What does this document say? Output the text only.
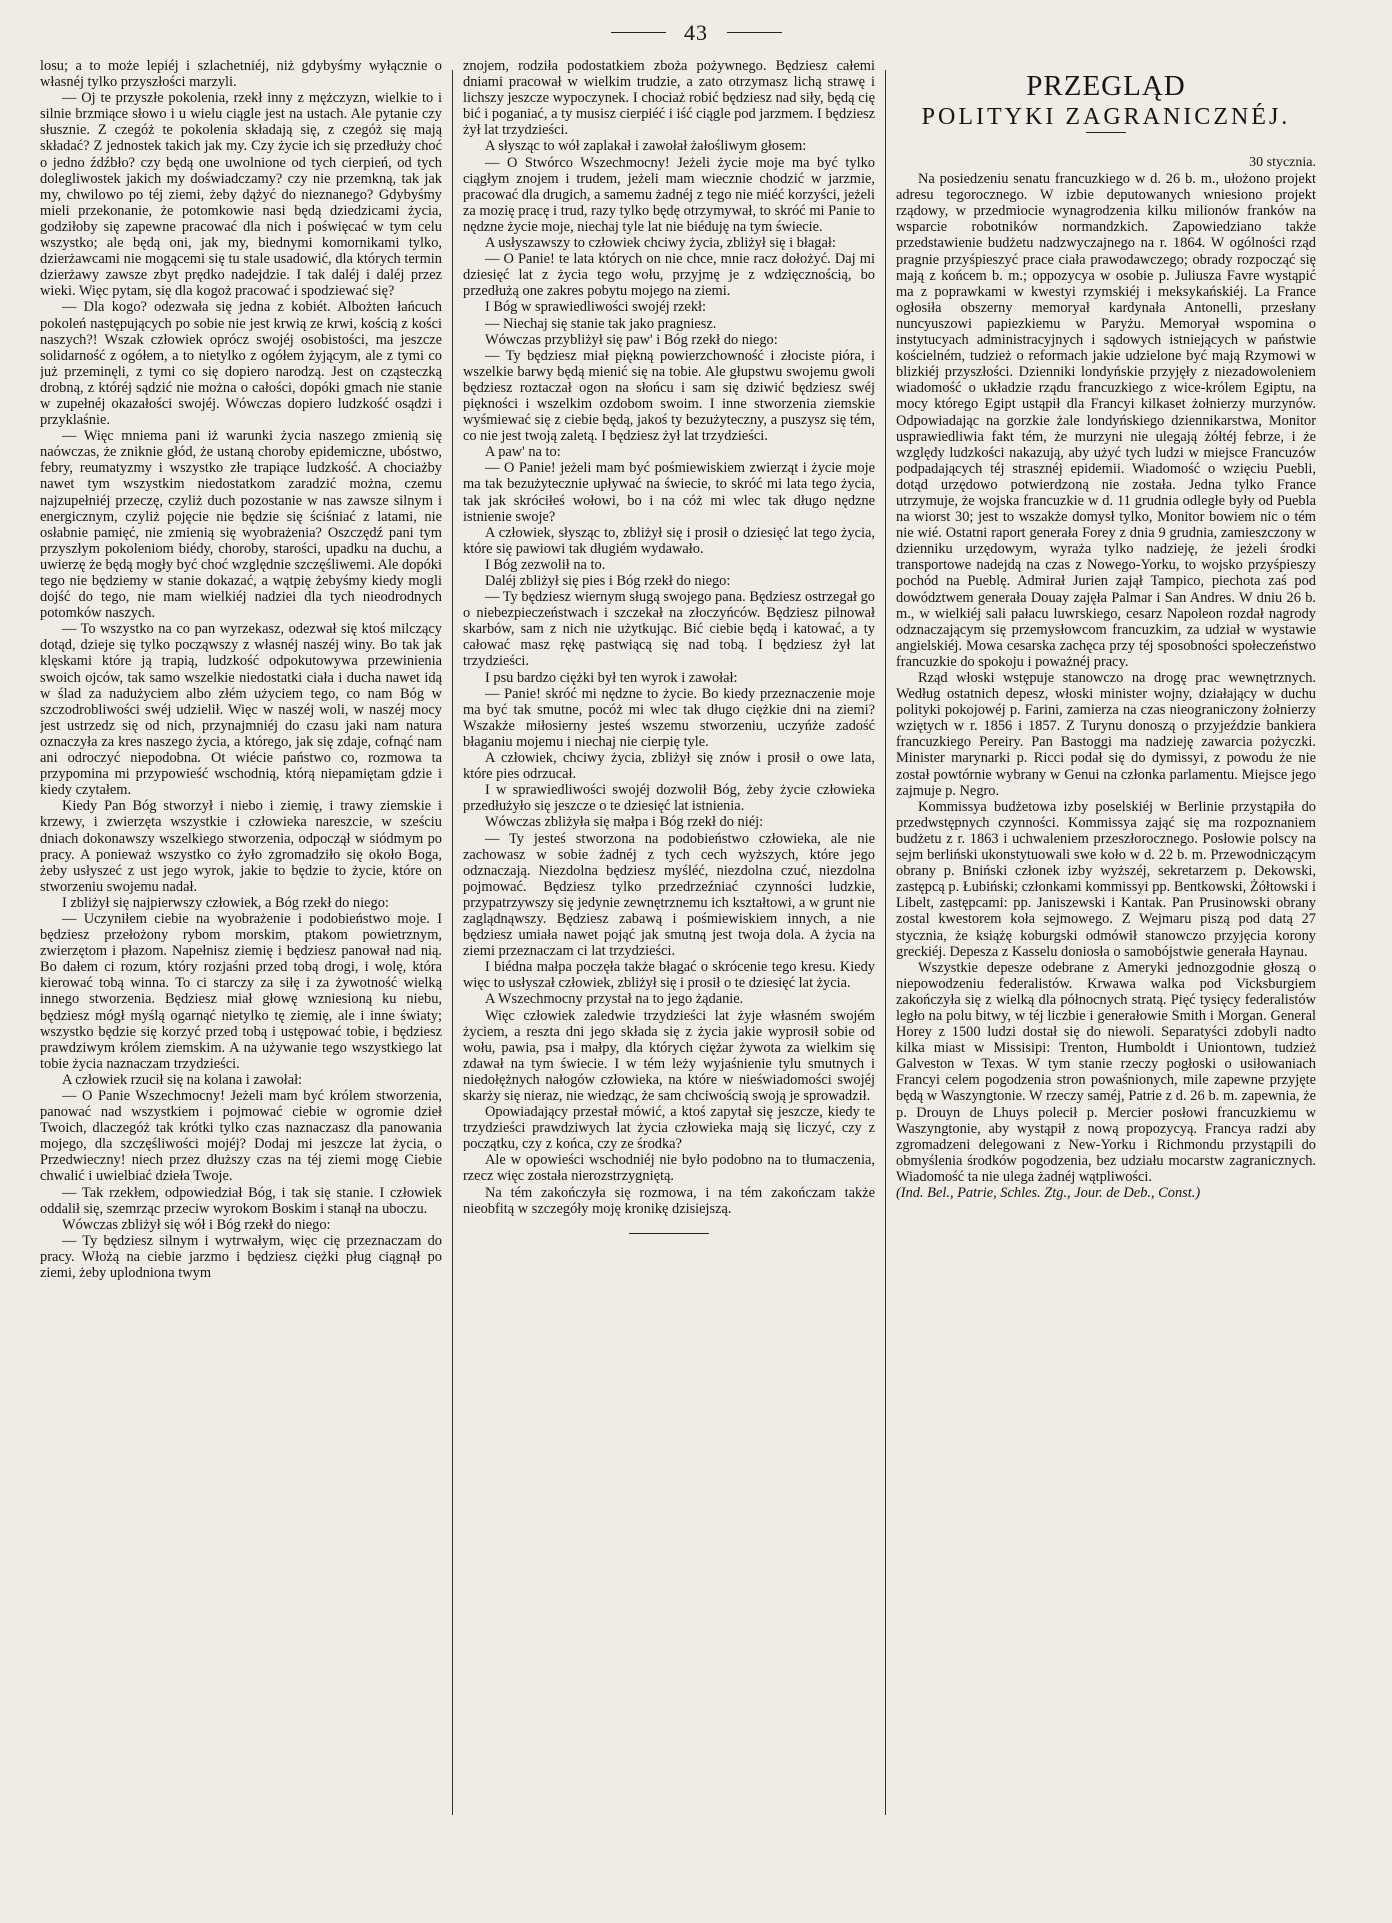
43

losu; a to może lepiéj i szlachetniéj, niż gdybyśmy wyłącznie o własnéj tylko przyszłości marzyli.

— Oj te przyszłe pokolenia, rzekł inny z mężczyzn, wielkie to i silnie brzmiące słowo i u wielu ciągle jest na ustach. Ale pytanie czy słusznie. Z czegóż te pokolenia składają się, z czegóż się mają składać? Z jednostek takich jak my. Czy życie ich się przedłuży choć o jedno źdźbło? czy będą one uwolnione od tych cierpień, od tych dolegliwostek jakich my doświadczamy? czy nie przemkną, tak jak my, chwilowo po téj ziemi, żeby dążyć do nieznanego? Gdybyśmy mieli przekonanie, że potomkowie nasi będą dziedzicami życia, godziłoby się zapewne pracować dla nich i poświęcać w tym celu wszystko; ale będą oni, jak my, biednymi komornikami tylko, dzierżawcami nie mogącemi się tu stale usadowić, dla których termin dzierżawy zawsze zbyt prędko nadejdzie. I tak daléj i daléj przez wieki. Więc pytam, się dla kogoż pracować i spodziewać się?

— Dla kogo? odezwała się jedna z kobiét. Albożten łańcuch pokoleń następujących po sobie nie jest krwią ze krwi, kością z kości naszych?! Wszak człowiek oprócz swojéj osobistości, ma jeszcze solidarność z ogółem, a to nietylko z ogółem żyjącym, ale z tymi co już przeminęli, z tymi co się dopiero narodzą. Jest on cząsteczką drobną, z któréj sądzić nie można o całości, dopóki gmach nie stanie w zupełnéj okazałości swojéj. Wówczas dopiero ludzkość osądzi i przyklaśnie.

— Więc mniema pani iż warunki życia naszego zmienią się naówczas, że zniknie głód, że ustaną choroby epidemiczne, ubóstwo, febry, reumatyzmy i wszystko złe trapiące ludzkość. A chociażby nawet tym wszystkim niedostatkom zaradzić można, czemu najzupełniéj przeczę, czyliż duch pozostanie w nas zawsze silnym i energicznym, czyliż pojęcie nie będzie się ściśniać z latami, nie osłabnie pamięć, nie zmienią się wyobrażenia? Oszczędź pani tym przyszłym pokoleniom biédy, choroby, starości, upadku na duchu, a uwierzę że będą mogły być choć względnie szczęśliwemi. Ale dopóki tego nie będziemy w stanie dokazać, a wątpię żebyśmy kiedy mogli dojść do tego, nie mam wielkiéj nadziei dla tych nieodrodnych potomków naszych.

— To wszystko na co pan wyrzekasz, odezwał się ktoś milczący dotąd, dzieje się tylko począwszy z własnéj naszéj winy. Bo tak jak klęskami które ją trapią, ludzkość odpokutowywa przewinienia swoich ojców, tak samo wszelkie niedostatki ciała i ducha nawet idą w ślad za nadużyciem albo złém użyciem tego, co nam Bóg w szczodrobliwości swéj udzielił. Więc w naszéj woli, w naszéj mocy jest ustrzedz się od nich, przynajmniéj do czasu jaki nam natura oznaczyła za kres naszego życia, a którego, jak się zdaje, cofnąć nam ani odroczyć niepodobna. Ot wiécie państwo co, rozmowa ta przypomina mi przypowieść wschodnią, którą niepamiętam gdzie i kiedy czytałem.

Kiedy Pan Bóg stworzył i niebo i ziemię, i trawy ziemskie i krzewy, i zwierzęta wszystkie i człowieka nareszcie, w sześciu dniach dokonawszy wszelkiego stworzenia, odpoczął w siódmym po pracy. A ponieważ wszystko co żyło zgromadziło się około Boga, żeby usłyszeć z ust jego wyrok, jakie to będzie to życie, które on stworzeniu swojemu nadał.

I zbliżył się najpierwszy człowiek, a Bóg rzekł do niego:

— Uczyniłem ciebie na wyobrażenie i podobieństwo moje. I będziesz przełożony rybom morskim, ptakom powietrznym, zwierzętom i płazom. Napełnisz ziemię i będziesz panował nad nią. Bo dałem ci rozum, który rozjaśni przed tobą drogi, i wolę, która kierować tobą winna. To ci starczy za siłę i za żywotność wielką innego stworzenia. Będziesz miał głowę wzniesioną ku niebu, będziesz mógł myślą ogarnąć nietylko tę ziemię, ale i inne światy; wszystko będzie się korzyć przed tobą i ustępować tobie, i będziesz prawdziwym królem ziemskim. A na używanie tego wszystkiego lat tobie życia naznaczam trzydzieści.

A człowiek rzucił się na kolana i zawołał:

— O Panie Wszechmocny! Jeżeli mam być królem stworzenia, panować nad wszystkiem i pojmować ciebie w ogromie dzieł Twoich, dlaczegóż tak krótki tylko czas naznaczasz dla panowania mojego, dla szczęśliwości mojéj? Dodaj mi jeszcze lat życia, o Przedwieczny! niech przez dłuższy czas na téj ziemi mogę Ciebie chwalić i uwielbiać dzieła Twoje.

— Tak rzekłem, odpowiedział Bóg, i tak się stanie. I człowiek oddalił się, szemrząc przeciw wyrokom Boskim i stanął na uboczu.

Wówczas zbliżył się wół i Bóg rzekł do niego:

— Ty będziesz silnym i wytrwałym, więc cię przeznaczam do pracy. Włożą na ciebie jarzmo i będziesz ciężki pług ciągnął po ziemi, żeby uplodniona twym

znojem, rodziła podostatkiem zboża pożywnego. Będziesz całemi dniami pracował w wielkim trudzie, a zato otrzymasz lichą strawę i lichszy jeszcze wypoczynek. I chociaż robić będziesz nad siły, będą cię bić i poganiać, a ty musisz cierpiéć i iść ciągle pod jarzmem. I będziesz żył lat trzydzieści.

A słysząc to wół zaplakał i zawołał żałośliwym głosem:

— O Stwórco Wszechmocny! Jeżeli życie moje ma być tylko ciągłym znojem i trudem, jeżeli mam wiecznie chodzić w jarzmie, pracować dla drugich, a samemu żadnéj z tego nie miéć korzyści, jeżeli za mozię pracę i trud, razy tylko będę otrzymywał, to skróć mi Panie to nędzne życie moje, niechaj tyle lat nie biéduję na tym świecie.

A usłyszawszy to człowiek chciwy życia, zbliżył się i błagał:

— O Panie! te lata których on nie chce, mnie racz dołożyć. Daj mi dziesięć lat z życia tego wołu, przyjmę je z wdzięcznością, bo przedłużą one zakres pobytu mojego na ziemi.

I Bóg w sprawiedliwości swojéj rzekł:

— Niechaj się stanie tak jako pragniesz.

Wówczas przybliżył się paw' i Bóg rzekł do niego:

— Ty będziesz miał piękną powierzchowność i złociste pióra, i wszelkie barwy będą mienić się na tobie. Ale głupstwu swojemu gwoli będziesz roztaczał ogon na słońcu i sam się dziwić będziesz swéj piękności i wszelkim ozdobom swoim. I inne stworzenia ziemskie wyśmiewać się z ciebie będą, jakoś ty bezużyteczny, a puszysz się tém, co nie jest twoją zaletą. I będziesz żył lat trzydzieści.

A paw' na to:

— O Panie! jeżeli mam być pośmiewiskiem zwierząt i życie moje ma tak bezużytecznie upływać na świecie, to skróć mi lata tego życia, tak jak skróciłeś wołowi, bo i na cóż mi wlec tak długo nędzne istnienie swoje?

A człowiek, słysząc to, zbliżył się i prosił o dziesięć lat tego życia, które się pawiowi tak długiém wydawało.

I Bóg zezwolił na to.

Daléj zbliżył się pies i Bóg rzekł do niego:

— Ty będziesz wiernym sługą swojego pana. Będziesz ostrzegał go o niebezpieczeństwach i szczekał na złoczyńców. Będziesz pilnował skarbów, sam z nich nie użytkując. Bić ciebie będą i katować, a ty całować masz rękę pastwiącą się nad tobą. I będziesz żył lat trzydzieści.

I psu bardzo ciężki był ten wyrok i zawołał:

— Panie! skróć mi nędzne to życie. Bo kiedy przeznaczenie moje ma być tak smutne, pocóż mi wlec tak długo ciężkie dni na ziemi? Wszakże miłosierny jesteś wszemu stworzeniu, uczyńże zadość błaganiu mojemu i niechaj nie cierpię tyle.

A człowiek, chciwy życia, zbliżył się znów i prosił o owe lata, które pies odrzucał.

I w sprawiedliwości swojéj dozwolił Bóg, żeby życie człowieka przedłużyło się jeszcze o te dziesięć lat istnienia.

Wówczas zbliżyła się małpa i Bóg rzekł do niéj:

— Ty jesteś stworzona na podobieństwo człowieka, ale nie zachowasz w sobie żadnéj z tych cech wyższych, które jego odznaczają. Niezdolna będziesz myśléć, niezdolna czuć, niezdolna pojmować. Będziesz tylko przedrzeźniać czynności ludzkie, przypatrzywszy się jedynie zewnętrznemu ich kształtowi, a w grunt nie zaglądnąwszy. Będziesz zabawą i pośmiewiskiem innych, a nie będziesz umiała nawet pojąć jak smutną jest twoja dola. A życia na ziemi przeznaczam ci lat trzydzieści.

I biédna małpa poczęła także błagać o skrócenie tego kresu. Kiedy więc to usłyszał człowiek, zbliżył się i prosił o te dziesięć lat życia.

A Wszechmocny przystał na to jego żądanie.

Więc człowiek zaledwie trzydzieści lat żyje własném swojém życiem, a reszta dni jego składa się z życia jakie wyprosił sobie od wołu, pawia, psa i małpy, dla których ciężar żywota za wielkim się zdawał na tym świecie. I w tém leży wyjaśnienie tylu smutnych i niedołężnych nałogów człowieka, na które w nieświadomości swojéj skarży się nieraz, nie wiedząc, że sam chciwością swoją je sprowadził.

Opowiadający przestał mówić, a ktoś zapytał się jeszcze, kiedy te trzydzieści prawdziwych lat życia człowieka mają się liczyć, czy z początku, czy z końca, czy ze środka?

Ale w opowieści wschodniéj nie było podobno na to tłumaczenia, rzecz więc została nierozstrzygniętą.

Na tém zakończyła się rozmowa, i na tém zakończam także nieobfitą w szczegóły moję kronikę dzisiejszą.

PRZEGLĄD

POLITYKI ZAGRANICZNÉJ.

30 stycznia.

Na posiedzeniu senatu francuzkiego w d. 26 b. m., ułożono projekt adresu tegorocznego. W izbie deputowanych wniesiono projekt rządowy, w przedmiocie wynagrodzenia kilku milionów franków na wsparcie robotników normandzkich. Zapowiedziano także przedstawienie budżetu nadzwyczajnego na r. 1864. W ogólności rząd pragnie przyśpieszyć prace ciała prawodawczego; obrady rozpocząć się mają z końcem b. m.; oppozycya w osobie p. Juliusza Favre wystąpić ma z poprawkami w kwestyi rzymskiéj i meksykańskiéj. La France ogłosiła obszerny memoryał kardynała Antonelli, przesłany nuncyuszowi papiezkiemu w Paryżu. Memoryał wspomina o instytucyach administracyjnych i sądowych istniejących w państwie kościelném, tudzież o reformach jakie udzielone być mają Rzymowi w blizkiéj przyszłości. Dzienniki londyńskie przyjęły z niezadowoleniem wiadomość o układzie rządu francuzkiego z wice-królem Egiptu, na mocy którego Egipt ustąpił dla Francyi kilkaset żołnierzy murzynów. Odpowiadając na gorzkie żale londyńskiego dziennikarstwa, Monitor usprawiedliwia fakt tém, że murzyni nie ulegają żółtéj febrze, i że względy ludzkości nakazują, aby użyć tych ludzi w miejsce Francuzów podpadających téj strasznéj epidemii. Wiadomość o wzięciu Puebli, dotąd urzędowo potwierdzoną nie została. Jedna tylko France utrzymuje, że wojska francuzkie w d. 11 grudnia odległe były od Puebla na wiorst 30; jest to wszakże domysł tylko, Monitor bowiem nic o tém nie wié. Ostatni raport generała Forey z dnia 9 grudnia, zamieszczony w dzienniku urzędowym, wyraża tylko nadzieję, że jeżeli środki transportowe nadejdą na czas z Nowego-Yorku, to wojsko przyśpieszy pochód na Pueblę. Admirał Jurien zajął Tampico, piechota zaś pod dowództwem generała Douay zajęła Palmar i San Andres. W dniu 26 b. m., w wielkiéj sali pałacu luwrskiego, cesarz Napoleon rozdał nagrody odznaczającym się przemysłowcom francuzkim, za udział w wystawie angielskiéj. Mowa cesarska zachęca przy téj sposobności społeczeństwo francuzkie do spokoju i poważnéj pracy.

Rząd włoski wstępuje stanowczo na drogę prac wewnętrznych. Według ostatnich depesz, włoski minister wojny, działający w duchu polityki pokojowéj p. Farini, zamierza na czas nieograniczony żołnierzy wziętych w r. 1856 i 1857. Z Turynu donoszą o przyjeździe bankiera francuzkiego Pereiry. Pan Bastoggi ma nadzieję zawarcia pożyczki. Minister marynarki p. Ricci podał się do dymissyi, z powodu że nie został powtórnie wybrany w Genui na członka parlamentu. Miejsce jego zajmuje p. Negro.

Kommissya budżetowa izby poselskiéj w Berlinie przystąpiła do przedwstępnych czynności. Kommissya zająć się ma rozpoznaniem budżetu z r. 1863 i uchwaleniem przeszłorocznego. Posłowie polscy na sejm berliński ukonstytuowali swe koło w d. 22 b. m. Przewodniczącym obrany p. Bniński członek izby wyższéj, sekretarzem p. Dekowski, zastępcą p. Łubiński; członkami kommissyi pp. Bentkowski, Żółtowski i Libelt, zastępcami: pp. Janiszewski i Kantak. Pan Prusinowski obrany zostal kwestorem koła sejmowego. Z Wejmaru piszą pod datą 27 stycznia, że książę koburgski odmówił stanowczo przyjęcia korony greckiéj. Depesza z Kasselu doniosła o samobójstwie generała Haynau.

Wszystkie depesze odebrane z Ameryki jednozgodnie głoszą o niepowodzeniu federalistów. Krwawa walka pod Vicksburgiem zakończyła się z wielką dla północnych stratą. Pięć tysięcy federalistów legło na polu bitwy, w téj liczbie i generałowie Smith i Morgan. General Horey z 1500 ludzi dostał się do niewoli. Separatyści zdobyli nadto kilka miast w Missisipi: Trenton, Humboldt i Uniontown, tudzież Galveston w Texas. W tym stanie rzeczy pogłoski o usiłowaniach Francyi celem pogodzenia stron powaśnionych, mile zapewne przyjęte będą w Waszyngtonie. W rzeczy saméj, Patrie z d. 26 b. m. zapewnia, że p. Drouyn de Lhuys polecił p. Mercier posłowi francuzkiemu w Waszyngtonie, aby wystąpił z nową propozycyą. Francya radzi aby zgromadzeni delegowani z New-Yorku i Richmondu przystąpili do obmyślenia środków pogodzenia, bez udziału mocarstw zagranicznych. Wiadomość ta nie ulega żadnéj wątpliwości.

(Ind. Bel., Patrie, Schles. Ztg., Jour. de Deb., Const.)
